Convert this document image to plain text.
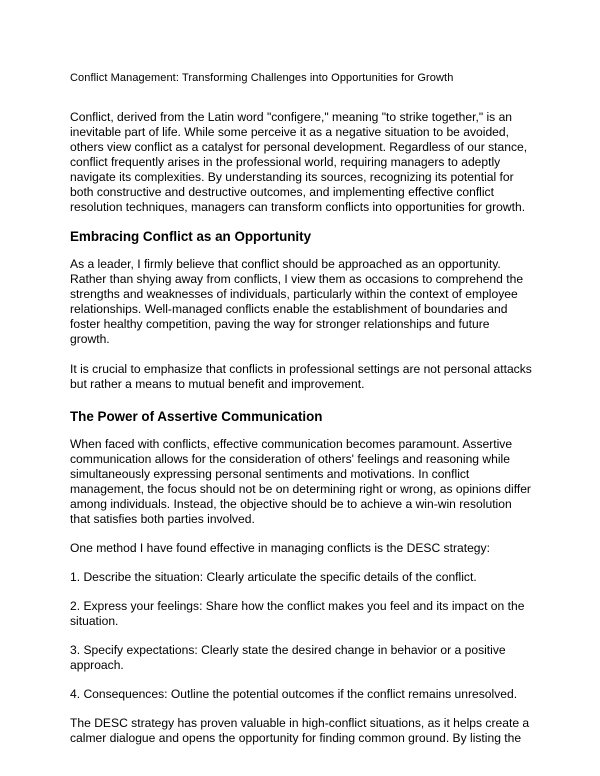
Conflict Management: Transforming Challenges into Opportunities for Growth

Conflict, derived from the Latin word "configere," meaning "to strike together," is an inevitable part of life. While some perceive it as a negative situation to be avoided, others view conflict as a catalyst for personal development. Regardless of our stance, conflict frequently arises in the professional world, requiring managers to adeptly navigate its complexities. By understanding its sources, recognizing its potential for both constructive and destructive outcomes, and implementing effective conflict resolution techniques, managers can transform conflicts into opportunities for growth.

Embracing Conflict as an Opportunity

As a leader, I firmly believe that conflict should be approached as an opportunity. Rather than shying away from conflicts, I view them as occasions to comprehend the strengths and weaknesses of individuals, particularly within the context of employee relationships. Well-managed conflicts enable the establishment of boundaries and foster healthy competition, paving the way for stronger relationships and future growth.

It is crucial to emphasize that conflicts in professional settings are not personal attacks but rather a means to mutual benefit and improvement.

The Power of Assertive Communication

When faced with conflicts, effective communication becomes paramount. Assertive communication allows for the consideration of others' feelings and reasoning while simultaneously expressing personal sentiments and motivations. In conflict management, the focus should not be on determining right or wrong, as opinions differ among individuals. Instead, the objective should be to achieve a win-win resolution that satisfies both parties involved.

One method I have found effective in managing conflicts is the DESC strategy:

1. Describe the situation: Clearly articulate the specific details of the conflict.

2. Express your feelings: Share how the conflict makes you feel and its impact on the situation.

3. Specify expectations: Clearly state the desired change in behavior or a positive approach.

4. Consequences: Outline the potential outcomes if the conflict remains unresolved.

The DESC strategy has proven valuable in high-conflict situations, as it helps create a calmer dialogue and opens the opportunity for finding common ground. By listing the
